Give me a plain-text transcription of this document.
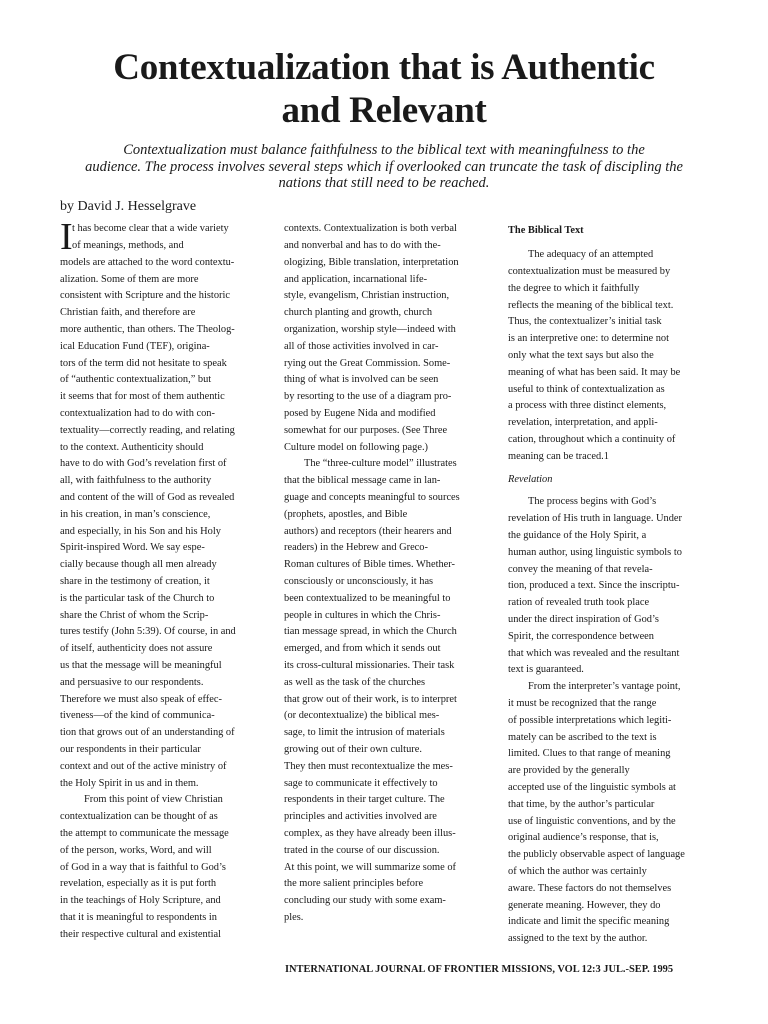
Contextualization that is Authentic
and Relevant
Contextualization must balance faithfulness to the biblical text with meaningfulness to the
audience. The process involves several steps which if overlooked can truncate the task of discipling the
nations that still need to be reached.
by David J. Hesselgrave
I t has become clear that a wide variety
of meanings, methods, and
models are attached to the word contextu-
alization. Some of them are more
consistent with Scripture and the historic
Christian faith, and therefore are
more authentic, than others. The Theolog-
ical Education Fund (TEF), origina-
tors of the term did not hesitate to speak
of “authentic contextualization,” but
it seems that for most of them authentic
contextualization had to do with con-
textuality—correctly reading, and relating
to the context. Authenticity should
have to do with God’s revelation first of
all, with faithfulness to the authority
and content of the will of God as revealed
in his creation, in man’s conscience,
and especially, in his Son and his Holy
Spirit-inspired Word. We say espe-
cially because though all men already
share in the testimony of creation, it
is the particular task of the Church to
share the Christ of whom the Scrip-
tures testify (John 5:39). Of course, in and
of itself, authenticity does not assure
us that the message will be meaningful
and persuasive to our respondents.
Therefore we must also speak of effec-
tiveness—of the kind of communica-
tion that grows out of an understanding of
our respondents in their particular
context and out of the active ministry of
the Holy Spirit in us and in them.
From this point of view Christian
contextualization can be thought of as
the attempt to communicate the message
of the person, works, Word, and will
of God in a way that is faithful to God’s
revelation, especially as it is put forth
in the teachings of Holy Scripture, and
that it is meaningful to respondents in
their respective cultural and existential
contexts. Contextualization is both verbal
and nonverbal and has to do with the-
ologizing, Bible translation, interpretation
and application, incarnational life-
style, evangelism, Christian instruction,
church planting and growth, church
organization, worship style—indeed with
all of those activities involved in car-
rying out the Great Commission. Some-
thing of what is involved can be seen
by resorting to the use of a diagram pro-
posed by Eugene Nida and modified
somewhat for our purposes. (See Three
Culture model on following page.)
The “three-culture model” illustrates
that the biblical message came in lan-
guage and concepts meaningful to sources
(prophets, apostles, and Bible
authors) and receptors (their hearers and
readers) in the Hebrew and Greco-
Roman cultures of Bible times. Whether-
consciously or unconsciously, it has
been contextualized to be meaningful to
people in cultures in which the Chris-
tian message spread, in which the Church
emerged, and from which it sends out
its cross-cultural missionaries. Their task
as well as the task of the churches
that grow out of their work, is to interpret
(or decontextualize) the biblical mes-
sage, to limit the intrusion of materials
growing out of their own culture.
They then must recontextualize the mes-
sage to communicate it effectively to
respondents in their target culture. The
principles and activities involved are
complex, as they have already been illus-
trated in the course of our discussion.
At this point, we will summarize some of
the more salient principles before
concluding our study with some exam-
ples.
The Biblical Text
The adequacy of an attempted
contextualization must be measured by
the degree to which it faithfully
reflects the meaning of the biblical text.
Thus, the contextualizer’s initial task
is an interpretive one: to determine not
only what the text says but also the
meaning of what has been said. It may be
useful to think of contextualization as
a process with three distinct elements,
revelation, interpretation, and appli-
cation, throughout which a continuity of
meaning can be traced.1
Revelation
The process begins with God’s
revelation of His truth in language. Under
the guidance of the Holy Spirit, a
human author, using linguistic symbols to
convey the meaning of that revela-
tion, produced a text. Since the inscriptu-
ration of revealed truth took place
under the direct inspiration of God’s
Spirit, the correspondence between
that which was revealed and the resultant
text is guaranteed.
From the interpreter’s vantage point,
it must be recognized that the range
of possible interpretations which legiti-
mately can be ascribed to the text is
limited. Clues to that range of meaning
are provided by the generally
accepted use of the linguistic symbols at
that time, by the author’s particular
use of linguistic conventions, and by the
original audience’s response, that is,
the publicly observable aspect of language
of which the author was certainly
aware. These factors do not themselves
generate meaning. However, they do
indicate and limit the specific meaning
assigned to the text by the author.
INTERNATIONAL JOURNAL OF FRONTIER MISSIONS, VOL 12:3 JUL.-SEP. 1995
